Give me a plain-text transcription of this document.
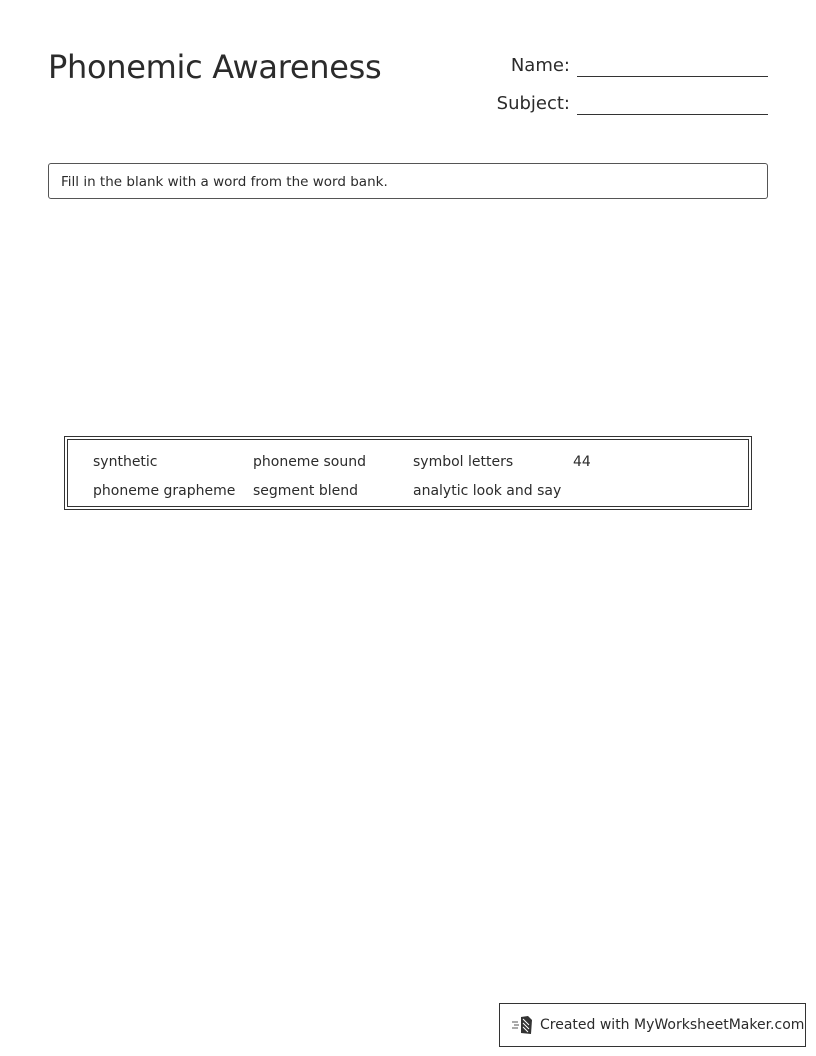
Phonemic Awareness	Name:
Subject:
Fill in the blank with a word from the word bank.
synthetic	phoneme sound	symbol letters	44
phoneme grapheme	segment blend	analytic look and say
Created with MyWorksheetMaker.com
